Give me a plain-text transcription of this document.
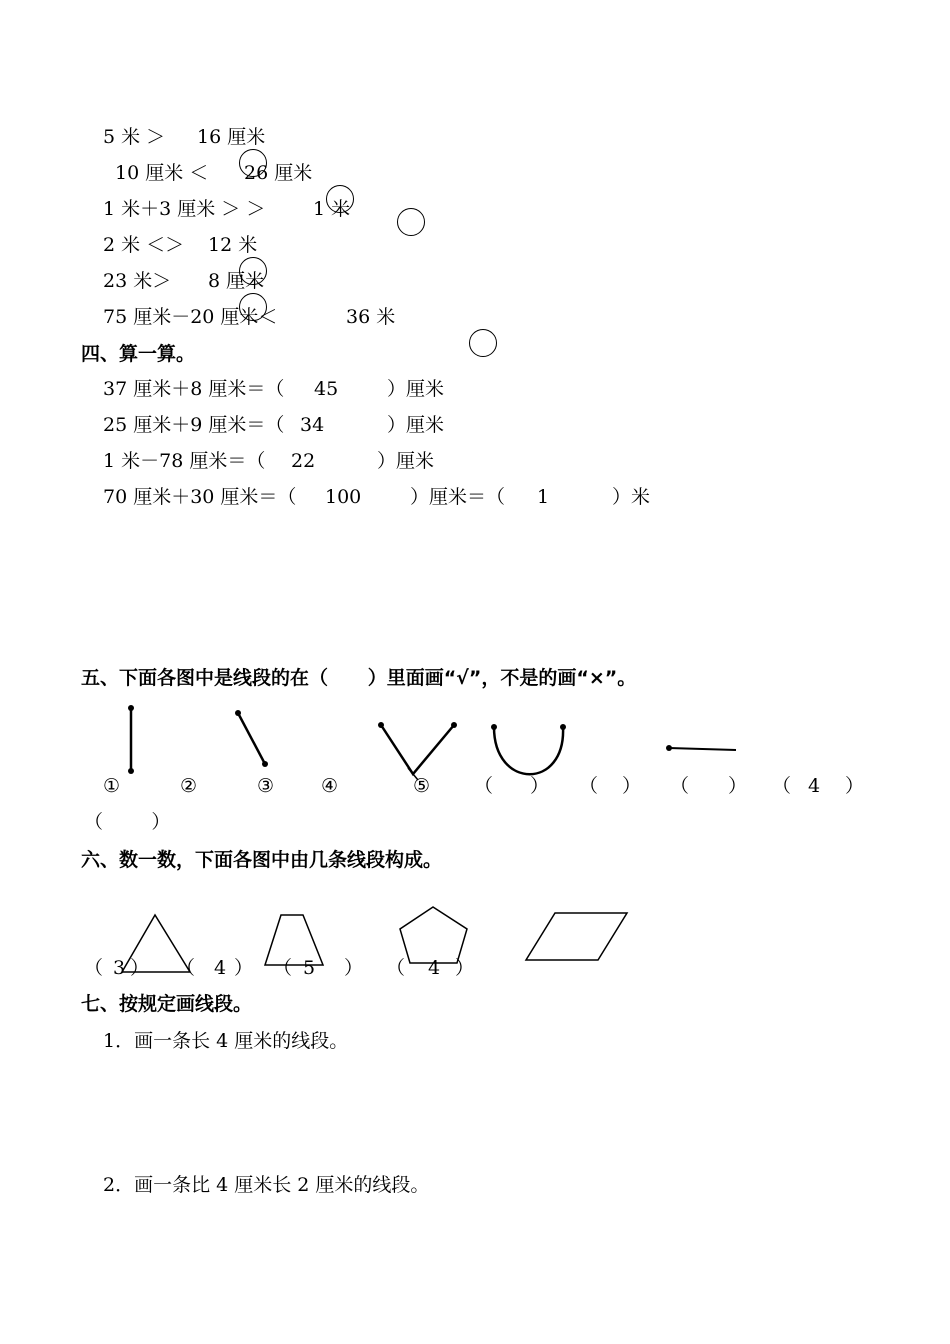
5 米 ＞ 16 厘米
10 厘米 ＜ 26 厘米
1 米＋3 厘米 ＞ ＞	1 米
2 米 ＜＞ 12 米
23 米＞ 8 厘米
75 厘米－20 厘米＜	36 米
四、算一算。
37 厘米＋8 厘米＝（ 45	）厘米
25 厘米＋9 厘米＝（ 34	）厘米
1 米－78 厘米＝（ 22	）厘米
70 厘米＋30 厘米＝（ 100	）厘米＝（ 1	）米
五、下面各图中是线段的在（      ）里面画“√”，不是的画“×”。
①	②	③ ④	⑤ （ ） （ ） （ ） （ 4 ）
（        ）
六、数一数，下面各图中由几条线段构成。
（ 3 ） （ 4 ） （ 5 ） （ 4 ）
七、按规定画线段。
1．画一条长 4 厘米的线段。
2．画一条比 4 厘米长 2 厘米的线段。
